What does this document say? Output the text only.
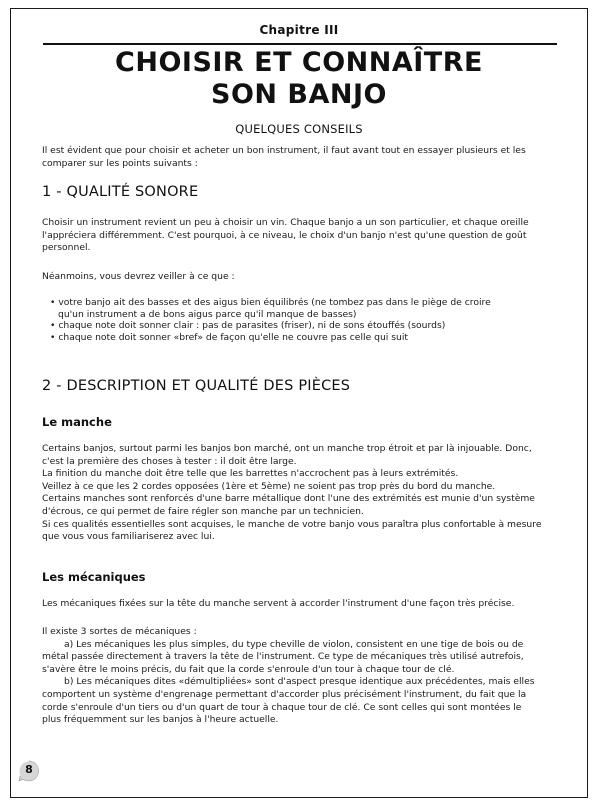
Chapitre III
CHOISIR ET CONNAÎTRE
SON BANJO
QUELQUES CONSEILS
Il est évident que pour choisir et acheter un bon instrument, il faut avant tout en essayer plusieurs et les
comparer sur les points suivants :
1 - QUALITÉ SONORE
Choisir un instrument revient un peu à choisir un vin. Chaque banjo a un son particulier, et chaque oreille
l'appréciera différemment. C'est pourquoi, à ce niveau, le choix d'un banjo n'est qu'une question de goût
personnel.
Néanmoins, vous devrez veiller à ce que :
• votre banjo ait des basses et des aigus bien équilibrés (ne tombez pas dans le piège de croire
qu'un instrument a de bons aigus parce qu'il manque de basses)
• chaque note doit sonner clair : pas de parasites (friser), ni de sons étouffés (sourds)
• chaque note doit sonner «bref» de façon qu'elle ne couvre pas celle qui suit
2 - DESCRIPTION ET QUALITÉ DES PIÈCES
Le manche
Certains banjos, surtout parmi les banjos bon marché, ont un manche trop étroit et par là injouable. Donc,
c'est la première des choses à tester : il doit être large.
La finition du manche doit être telle que les barrettes n'accrochent pas à leurs extrémités.
Veillez à ce que les 2 cordes opposées (1ère et 5ème) ne soient pas trop près du bord du manche.
Certains manches sont renforcés d'une barre métallique dont l'une des extrémités est munie d'un système
d'écrous, ce qui permet de faire régler son manche par un technicien.
Si ces qualités essentielles sont acquises, le manche de votre banjo vous paraîtra plus confortable à mesure
que vous vous familiariserez avec lui.
Les mécaniques
Les mécaniques fixées sur la tête du manche servent à accorder l'instrument d'une façon très précise.
Il existe 3 sortes de mécaniques :
a) Les mécaniques les plus simples, du type cheville de violon, consistent en une tige de bois ou de
métal passée directement à travers la tête de l'instrument. Ce type de mécaniques très utilisé autrefois,
s'avère être le moins précis, du fait que la corde s'enroule d'un tour à chaque tour de clé.
b) Les mécaniques dites «démultipliées» sont d'aspect presque identique aux précédentes, mais elles
comportent un système d'engrenage permettant d'accorder plus précisément l'instrument, du fait que la
corde s'enroule d'un tiers ou d'un quart de tour à chaque tour de clé. Ce sont celles qui sont montées le
plus fréquemment sur les banjos à l'heure actuelle.
8
